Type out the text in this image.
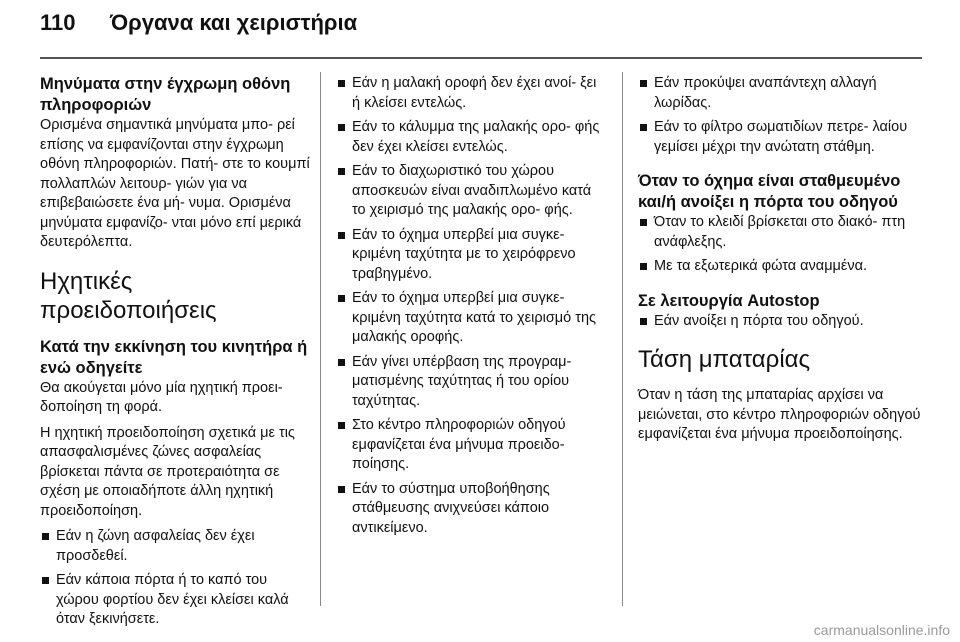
110	Όργανα και χειριστήρια
Μηνύματα στην έγχρωμη οθόνη πληροφοριών

Ορισμένα σημαντικά μηνύματα μπο- ρεί επίσης να εμφανίζονται στην έγχρωμη οθόνη πληροφοριών. Πατή- στε το κουμπί πολλαπλών λειτουρ- γιών για να επιβεβαιώσετε ένα μή- νυμα. Ορισμένα μηνύματα εμφανίζο- νται μόνο επί μερικά δευτερόλεπτα.

Ηχητικές προειδοποιήσεις
Κατά την εκκίνηση του κινητήρα ή ενώ οδηγείτε

Θα ακούγεται μόνο μία ηχητική προει- δοποίηση τη φορά.

Η ηχητική προειδοποίηση σχετικά με τις απασφαλισμένες ζώνες ασφαλείας βρίσκεται πάντα σε προτεραιότητα σε σχέση με οποιαδήποτε άλλη ηχητική προειδοποίηση.

Εάν η ζώνη ασφαλείας δεν έχει προσδεθεί.
Εάν κάποια πόρτα ή το καπό του χώρου φορτίου δεν έχει κλείσει καλά όταν ξεκινήσετε.
Εάν η μαλακή οροφή δεν έχει ανοί- ξει ή κλείσει εντελώς.
Εάν το κάλυμμα της μαλακής ορο- φής δεν έχει κλείσει εντελώς.
Εάν το διαχωριστικό του χώρου αποσκευών είναι αναδιπλωμένο κατά το χειρισμό της μαλακής ορο- φής.
Εάν το όχημα υπερβεί μια συγκε- κριμένη ταχύτητα με το χειρόφρενο τραβηγμένο.
Εάν το όχημα υπερβεί μια συγκε- κριμένη ταχύτητα κατά το χειρισμό της μαλακής οροφής.
Εάν γίνει υπέρβαση της προγραμ- ματισμένης ταχύτητας ή του ορίου ταχύτητας.
Στο κέντρο πληροφοριών οδηγού εμφανίζεται ένα μήνυμα προειδο- ποίησης.
Εάν το σύστημα υποβοήθησης στάθμευσης ανιχνεύσει κάποιο αντικείμενο.
Εάν προκύψει αναπάντεχη αλλαγή λωρίδας.
Εάν το φίλτρο σωματιδίων πετρε- λαίου γεμίσει μέχρι την ανώτατη στάθμη.
Όταν το όχημα είναι σταθμευμένο και/ή ανοίξει η πόρτα του οδηγού
Όταν το κλειδί βρίσκεται στο διακό- πτη ανάφλεξης.
Με τα εξωτερικά φώτα αναμμένα.
Σε λειτουργία Autostop
Εάν ανοίξει η πόρτα του οδηγού.
Τάση μπαταρίας

Όταν η τάση της μπαταρίας αρχίσει να μειώνεται, στο κέντρο πληροφοριών οδηγού εμφανίζεται ένα μήνυμα προειδοποίησης.

carmanualsonline.info
